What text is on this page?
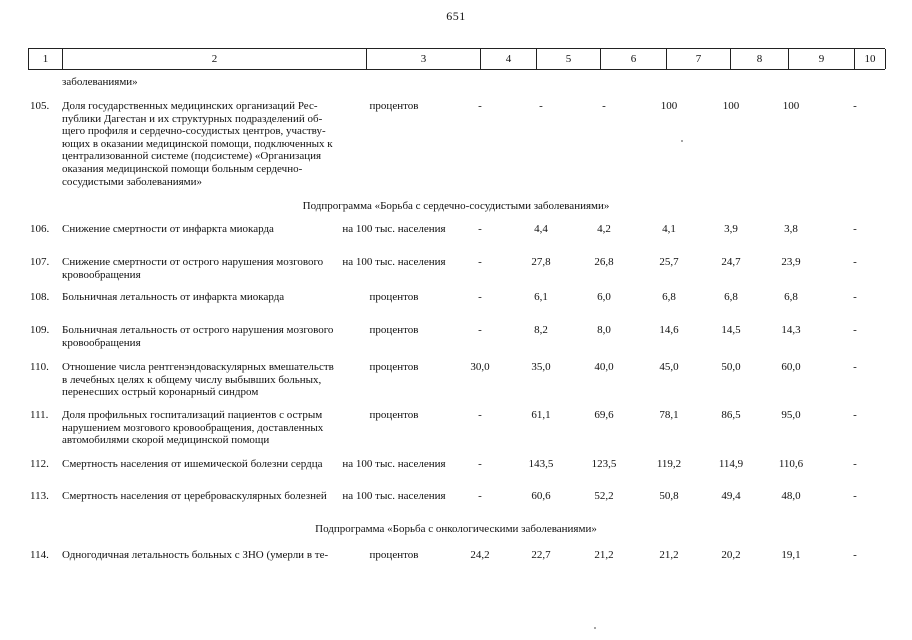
651
1	2	3	4	5	6	7	8	9	10
заболеваниями»
105.	Доля государственных медицинских организаций Рес-
публики Дагестан и их структурных подразделений об-
щего профиля и сердечно-сосудистых центров, участву-
ющих в оказании медицинской помощи, подключенных к
централизованной системе (подсистеме) «Организация
оказания медицинской помощи больным сердечно-
сосудистыми заболеваниями»
процентов	-	-	-	100	100	100	-
106.	Снижение смертности от инфаркта миокарда	на 100 тыс. населения	-	4,4	4,2	4,1	3,9	3,8	-
107.	Снижение смертности от острого нарушения мозгового
кровообращения
на 100 тыс. населения	-	27,8	26,8	25,7	24,7	23,9	-
108.	Больничная летальность от инфаркта миокарда	процентов	-	6,1	6,0	6,8	6,8	6,8	-
109.	Больничная летальность от острого нарушения мозгового
кровообращения
процентов	-	8,2	8,0	14,6	14,5	14,3	-
110.	Отношение числа рентгенэндоваскулярных вмешательств
в лечебных целях к общему числу выбывших больных,
перенесших острый коронарный синдром
процентов	30,0	35,0	40,0	45,0	50,0	60,0	-
111.	Доля профильных госпитализаций пациентов с острым
нарушением мозгового кровообращения, доставленных
автомобилями скорой медицинской помощи
процентов	-	61,1	69,6	78,1	86,5	95,0	-
112.	Смертность населения от ишемической болезни сердца	на 100 тыс. населения	-	143,5	123,5	119,2	114,9	110,6	-
113.	Смертность населения от цереброваскулярных болезней	на 100 тыс. населения	-	60,6	52,2	50,8	49,4	48,0	-
114.	Одногодичная летальность больных с ЗНО (умерли в те-	процентов	24,2	22,7	21,2	21,2	20,2	19,1	-
Подпрограмма «Борьба с сердечно-сосудистыми заболеваниями»
Подпрограмма «Борьба с онкологическими заболеваниями»
